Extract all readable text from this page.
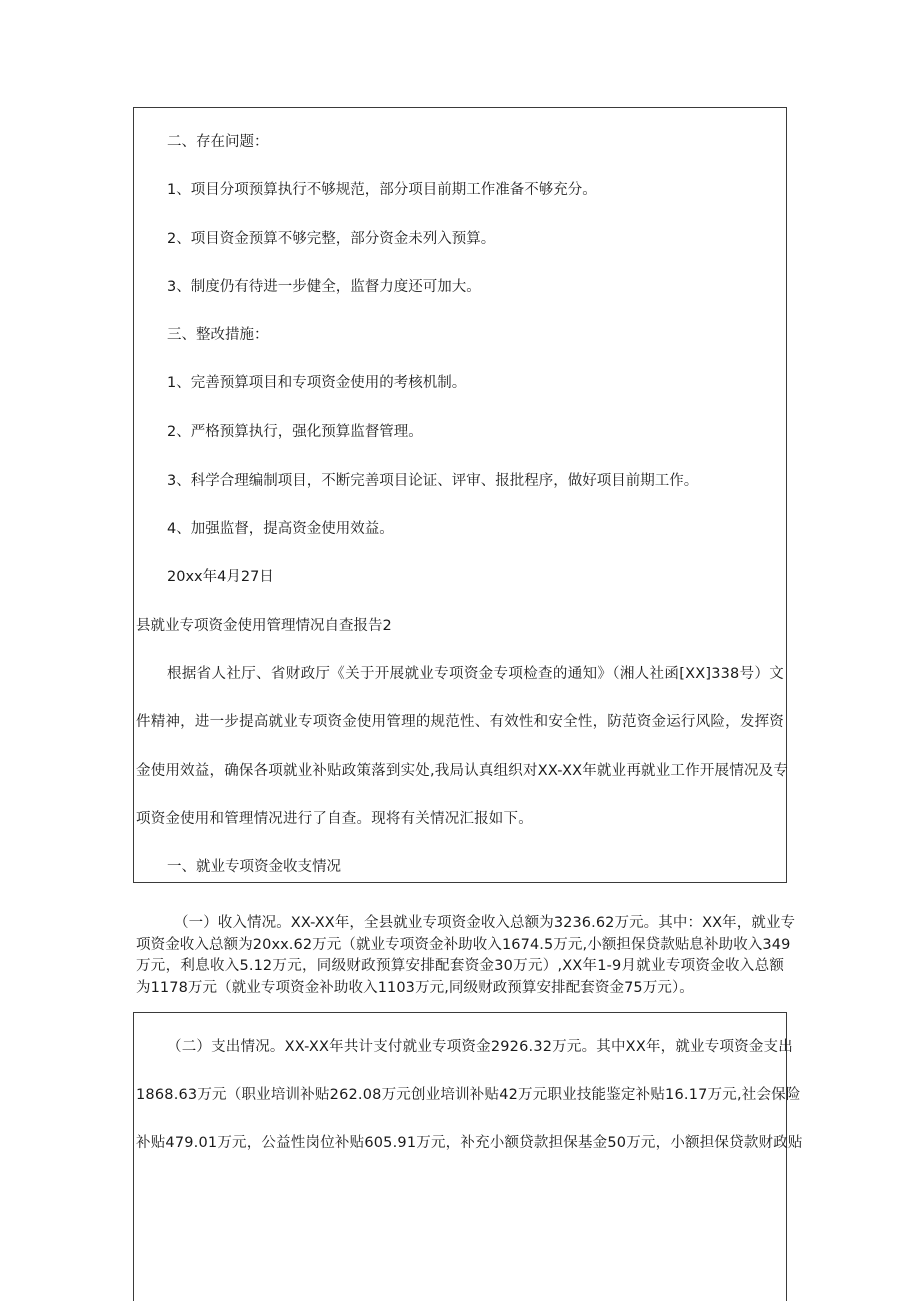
二、存在问题：
1、项目分项预算执行不够规范，部分项目前期工作准备不够充分。
2、项目资金预算不够完整，部分资金未列入预算。
3、制度仍有待进一步健全，监督力度还可加大。
三、整改措施：
1、完善预算项目和专项资金使用的考核机制。
2、严格预算执行，强化预算监督管理。
3、科学合理编制项目，不断完善项目论证、评审、报批程序，做好项目前期工作。
4、加强监督，提高资金使用效益。
20xx年4月27日
县就业专项资金使用管理情况自查报告2
根据省人社厅、省财政厅《关于开展就业专项资金专项检查的通知》（湘人社函[XX]338号）文
件精神，进一步提高就业专项资金使用管理的规范性、有效性和安全性，防范资金运行风险，发挥资
金使用效益，确保各项就业补贴政策落到实处,我局认真组织对XX-XX年就业再就业工作开展情况及专
项资金使用和管理情况进行了自查。现将有关情况汇报如下。
一、就业专项资金收支情况
（一）收入情况。XX-XX年，全县就业专项资金收入总额为3236.62万元。其中：XX年，就业专
项资金收入总额为20xx.62万元（就业专项资金补助收入1674.5万元,小额担保贷款贴息补助收入349
万元，利息收入5.12万元，同级财政预算安排配套资金30万元）,XX年1-9月就业专项资金收入总额
为1178万元（就业专项资金补助收入1103万元,同级财政预算安排配套资金75万元）。
（二）支出情况。XX-XX年共计支付就业专项资金2926.32万元。其中XX年，就业专项资金支出
1868.63万元（职业培训补贴262.08万元创业培训补贴42万元职业技能鉴定补贴16.17万元,社会保险
补贴479.01万元，公益性岗位补贴605.91万元，补充小额贷款担保基金50万元，小额担保贷款财政贴
